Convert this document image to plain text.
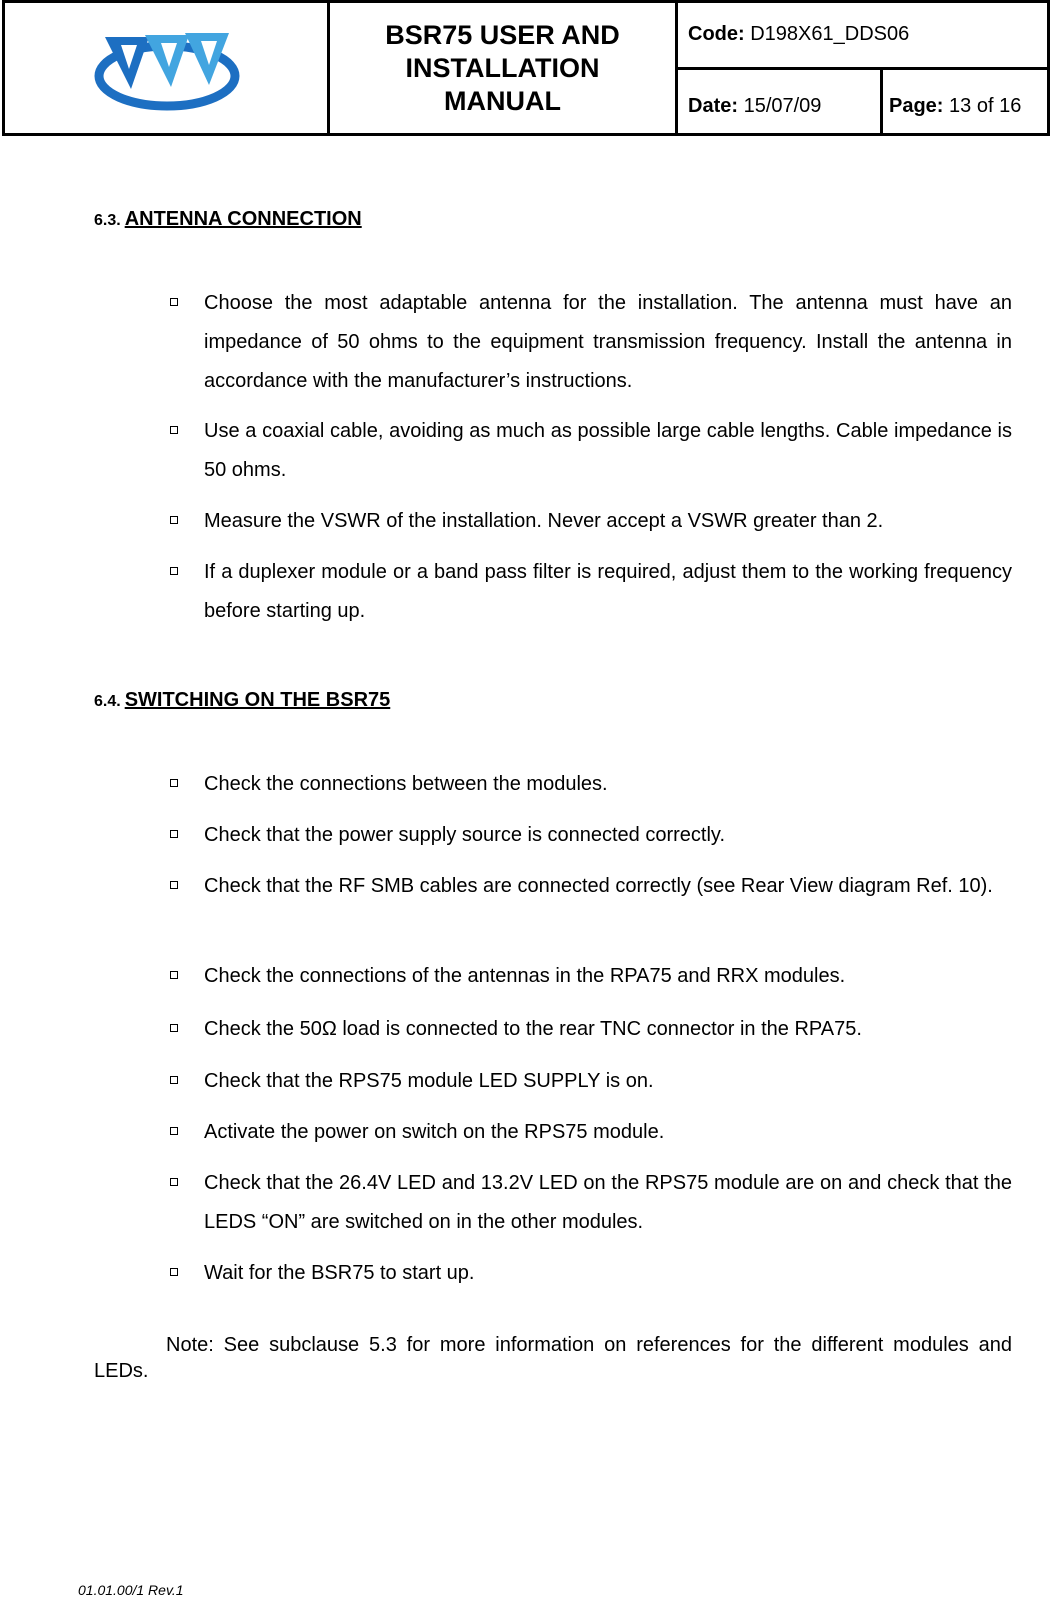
BSR75 USER AND
INSTALLATION
MANUAL
Code: D198X61_DDS06
Date: 15/07/09	Page: 13 of 16
6.3. ANTENNA CONNECTION
Choose the most adaptable antenna for the installation. The antenna must have an impedance of 50 ohms to the equipment transmission frequency. Install the antenna in accordance with the manufacturer’s instructions.
Use a coaxial cable, avoiding as much as possible large cable lengths. Cable impedance is 50 ohms.
Measure the VSWR of the installation. Never accept a VSWR greater than 2.
If a duplexer module or a band pass filter is required, adjust them to the working frequency before starting up.
6.4. SWITCHING ON THE BSR75
Check the connections between the modules.
Check that the power supply source is connected correctly.
Check that the RF SMB cables are connected correctly (see Rear View diagram Ref. 10).
Check the connections of the antennas in the RPA75 and RRX modules.
Check the 50Ω load is connected to the rear TNC connector in the RPA75.
Check that the RPS75 module LED SUPPLY is on.
Activate the power on switch on the RPS75 module.
Check that the 26.4V LED and 13.2V LED on the RPS75 module are on and check that the LEDS “ON” are switched on in the other modules.
Wait for the BSR75 to start up.
Note: See subclause 5.3 for more information on references for the different modules and LEDs.
01.01.00/1 Rev.1
